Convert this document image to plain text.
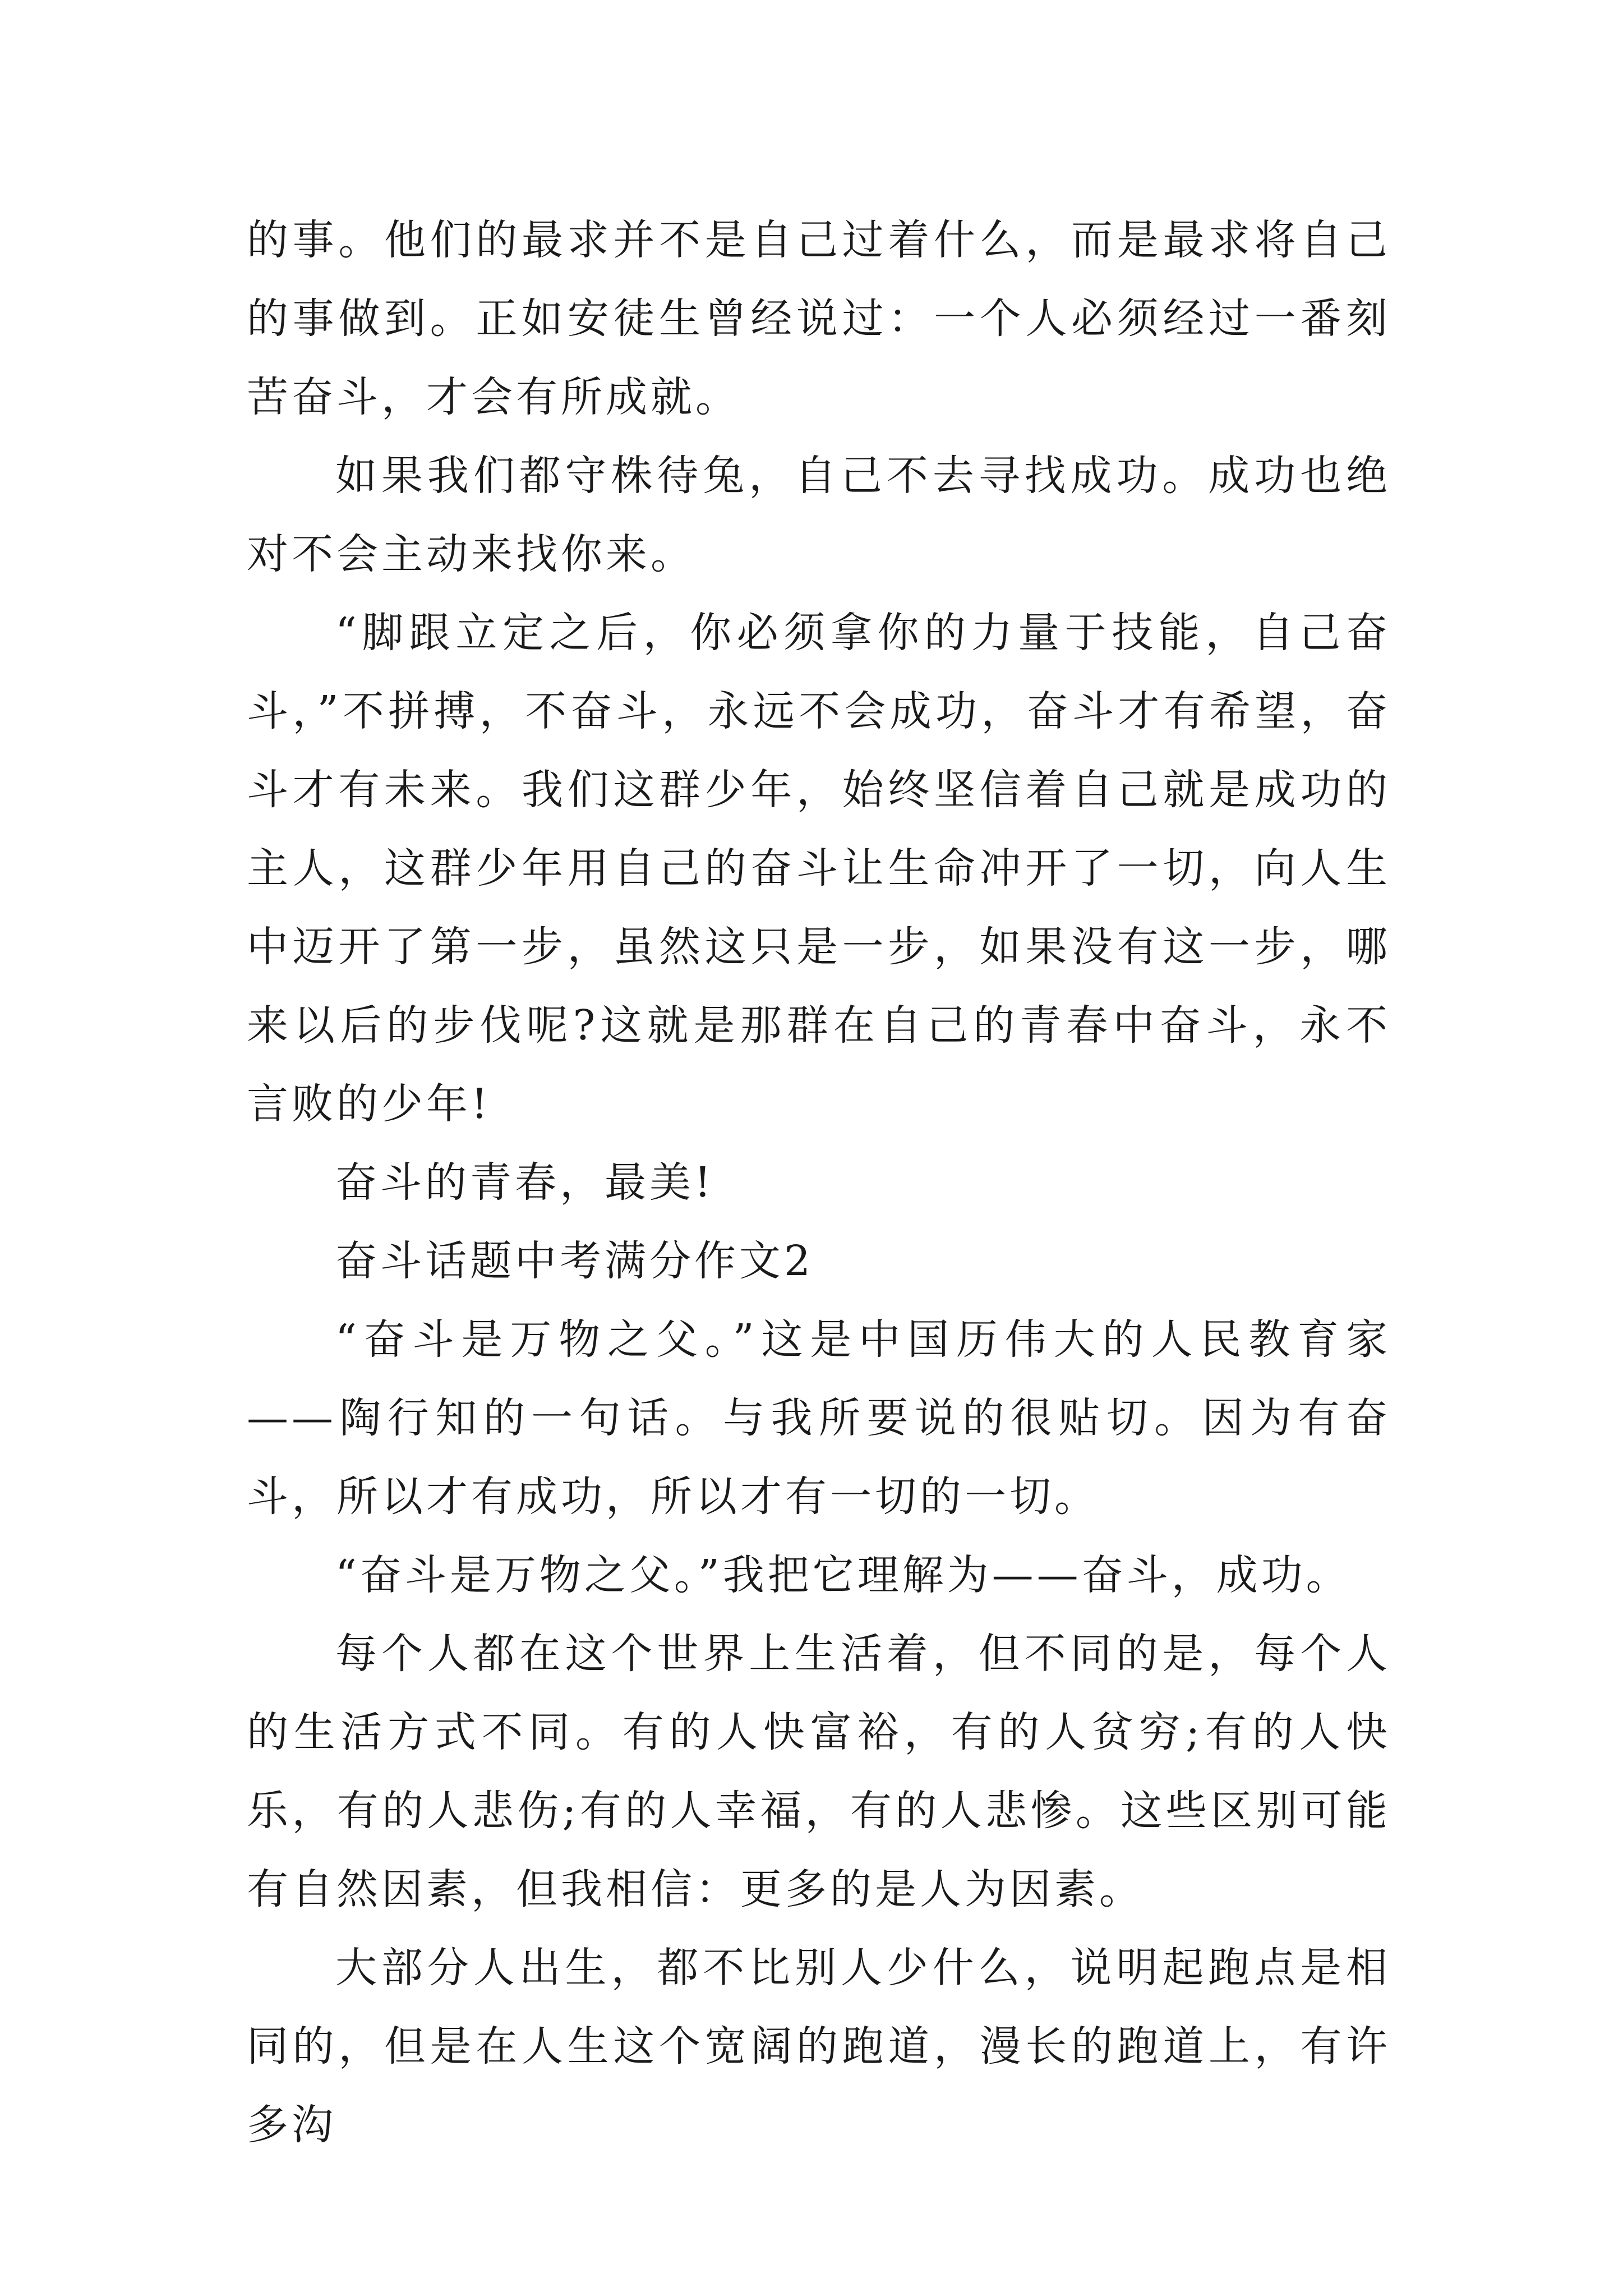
的事。他们的最求并不是自己过着什么，而是最求将自己的事做到。正如安徒生曾经说过：一个人必须经过一番刻苦奋斗，才会有所成就。

如果我们都守株待兔，自己不去寻找成功。成功也绝对不会主动来找你来。

“脚跟立定之后，你必须拿你的力量于技能，自己奋斗，”不拼搏，不奋斗，永远不会成功，奋斗才有希望，奋斗才有未来。我们这群少年，始终坚信着自己就是成功的主人，这群少年用自己的奋斗让生命冲开了一切，向人生中迈开了第一步，虽然这只是一步，如果没有这一步，哪来以后的步伐呢?这就是那群在自己的青春中奋斗，永不言败的少年!

奋斗的青春，最美!

奋斗话题中考满分作文2

“奋斗是万物之父。”这是中国历伟大的人民教育家——陶行知的一句话。与我所要说的很贴切。因为有奋斗，所以才有成功，所以才有一切的一切。

“奋斗是万物之父。”我把它理解为——奋斗，成功。

每个人都在这个世界上生活着，但不同的是，每个人的生活方式不同。有的人快富裕，有的人贫穷;有的人快乐，有的人悲伤;有的人幸福，有的人悲惨。这些区别可能有自然因素，但我相信：更多的是人为因素。

大部分人出生，都不比别人少什么，说明起跑点是相同的，但是在人生这个宽阔的跑道，漫长的跑道上，有许多沟
